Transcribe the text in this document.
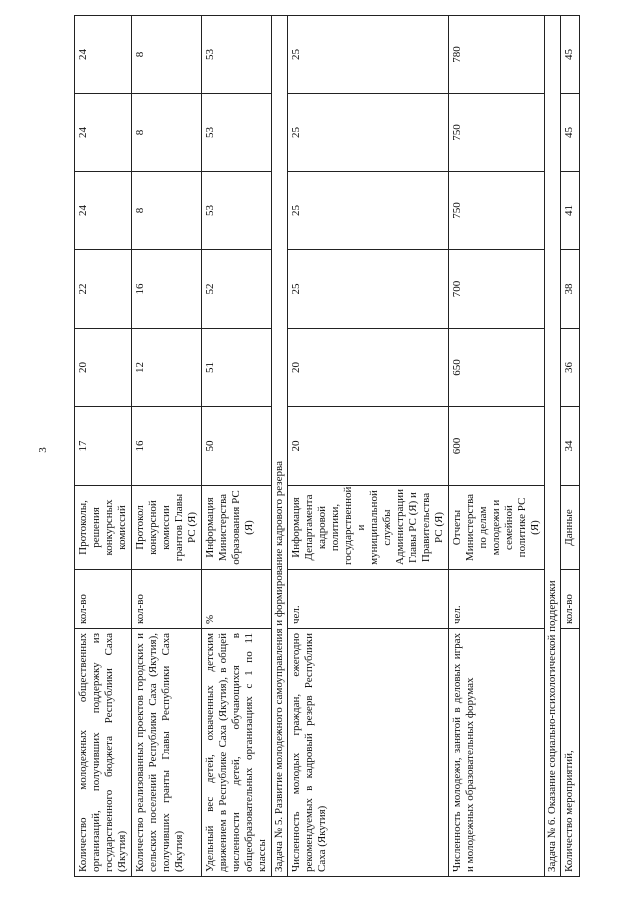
3
Количество молодежных общественных организаций, получивших поддержку из государственного бюджета Республики Саха (Якутия)	кол-во	Протоколы, решения конкурсных комиссий	17	20	22	24	24	24
Количество реализованных проектов городских и сельских поселений Республики Саха (Якутия), получивших гранты Главы Республики Саха (Якутия)	кол-во	Протокол конкурсной комиссии грантов Главы РС (Я)	16	12	16	8	8	8
Удельный вес детей, охваченных детским движением в Республике Саха (Якутия), в общей численности детей, обучающихся в общеобразовательных организациях с 1 по 11 классы	%	Информация Министерства образования РС (Я)	50	51	52	53	53	53
Задача № 5. Развитие молодежного самоуправления и формирование кадрового резерва								
Численность молодых граждан, ежегодно рекомендуемых в кадровый резерв Республики Саха (Якутия)	чел.	Информация Департамента кадровой политики, государственной и муниципальной службы Администрации Главы РС (Я) и Правительства РС (Я)	20	20	25	25	25	25
Численность молодежи, занятой в деловых играх и молодежных образовательных форумах	чел.	Отчеты Министерства по делам молодежи и семейной политике РС (Я)	600	650	700	750	750	780
Задача № 6. Оказание социально-психологической поддержки								
Количество мероприятий,	кол-во	Данные	34	36	38	41	45	45
